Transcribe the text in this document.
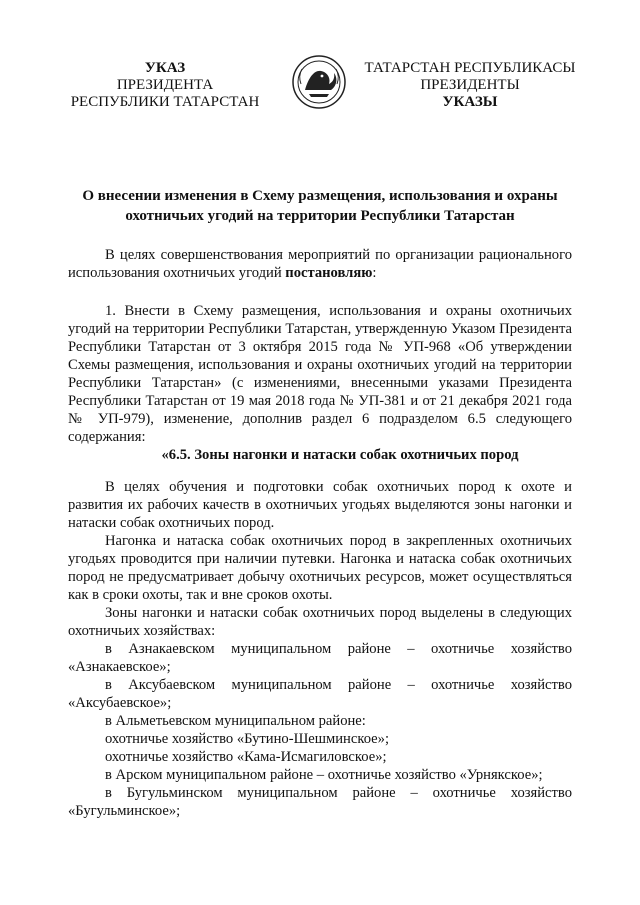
УКАЗ
ПРЕЗИДЕНТА
РЕСПУБЛИКИ ТАТАРСТАН
ТАТАРСТАН РЕСПУБЛИКАСЫ
ПРЕЗИДЕНТЫ
УКАЗЫ
О внесении изменения в Схему размещения, использования и охраны
охотничьих угодий на территории Республики Татарстан

В целях совершенствования мероприятий по организации рационального использования охотничьих угодий постановляю:

1. Внести в Схему размещения, использования и охраны охотничьих угодий на территории Республики Татарстан, утвержденную Указом Президента Республики Татарстан от 3 октября 2015 года № УП-968 «Об утверждении Схемы размещения, использования и охраны охотничьих угодий на территории Республики Татарстан» (с изменениями, внесенными указами Президента Республики Татарстан от 19 мая 2018 года № УП-381 и от 21 декабря 2021 года № УП-979), изменение, дополнив раздел 6 подразделом 6.5 следующего содержания:

«6.5. Зоны нагонки и натаски собак охотничьих пород

В целях обучения и подготовки собак охотничьих пород к охоте и развития их рабочих качеств в охотничьих угодьях выделяются зоны нагонки и натаски собак охотничьих пород.

Нагонка и натаска собак охотничьих пород в закрепленных охотничьих угодьях проводится при наличии путевки. Нагонка и натаска собак охотничьих пород не предусматривает добычу охотничьих ресурсов, может осуществляться как в сроки охоты, так и вне сроков охоты.

Зоны нагонки и натаски собак охотничьих пород выделены в следующих охотничьих хозяйствах:

в Азнакаевском муниципальном районе – охотничье хозяйство «Азнакаевское»;

в Аксубаевском муниципальном районе – охотничье хозяйство «Аксубаевское»;

в Альметьевском муниципальном районе:

охотничье хозяйство «Бутино-Шешминское»;

охотничье хозяйство «Кама-Исмагиловское»;

в Арском муниципальном районе – охотничье хозяйство «Урнякское»;

в Бугульминском муниципальном районе – охотничье хозяйство «Бугульминское»;
